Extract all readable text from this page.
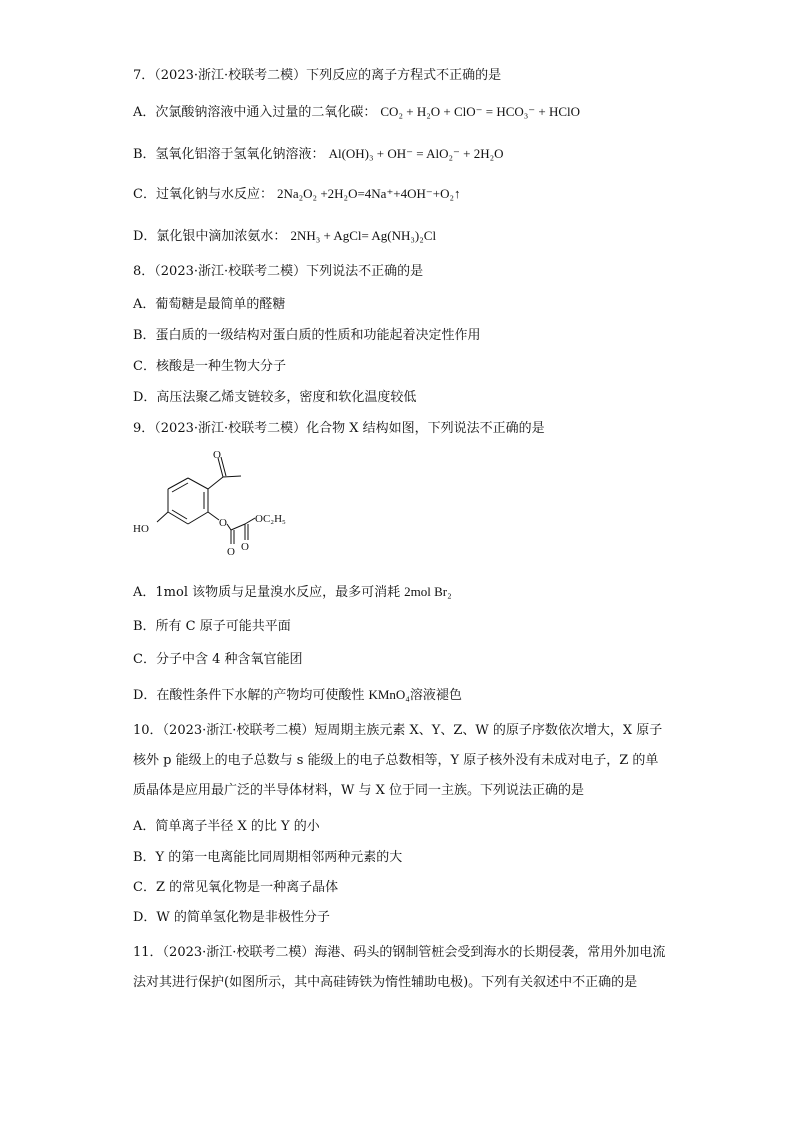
7．（2023·浙江·校联考二模）下列反应的离子方程式不正确的是
A．次氯酸钠溶液中通入过量的二氧化碳： CO₂ + H₂O + ClO⁻ = HCO₃⁻ + HClO
B．氢氧化铝溶于氢氧化钠溶液： Al(OH)₃ + OH⁻ = AlO₂⁻ + 2H₂O
C．过氧化钠与水反应： 2Na₂O₂ +2H₂O=4Na⁺+4OH⁻+O₂↑
D．氯化银中滴加浓氨水： 2NH₃ + AgCl= Ag(NH₃)₂Cl
8．（2023·浙江·校联考二模）下列说法不正确的是
A．葡萄糖是最简单的醛糖
B．蛋白质的一级结构对蛋白质的性质和功能起着决定性作用
C．核酸是一种生物大分子
D．高压法聚乙烯支链较多，密度和软化温度较低
9．（2023·浙江·校联考二模）化合物 X 结构如图，下列说法不正确的是
O
O
O O
OC₂H₅
HO
A．1mol 该物质与足量溴水反应，最多可消耗 2mol Br₂
B．所有 C 原子可能共平面
C．分子中含 4 种含氧官能团
D．在酸性条件下水解的产物均可使酸性 KMnO₄溶液褪色
10．（2023·浙江·校联考二模）短周期主族元素 X、Y、Z、W 的原子序数依次增大，X 原子核外 p 能级上的电子总数与 s 能级上的电子总数相等，Y 原子核外没有未成对电子，Z 的单质晶体是应用最广泛的半导体材料，W 与 X 位于同一主族。下列说法正确的是
A．简单离子半径 X 的比 Y 的小
B．Y 的第一电离能比同周期相邻两种元素的大
C．Z 的常见氧化物是一种离子晶体
D．W 的简单氢化物是非极性分子
11．（2023·浙江·校联考二模）海港、码头的钢制管桩会受到海水的长期侵袭，常用外加电流法对其进行保护(如图所示，其中高硅铸铁为惰性辅助电极)。下列有关叙述中不正确的是
